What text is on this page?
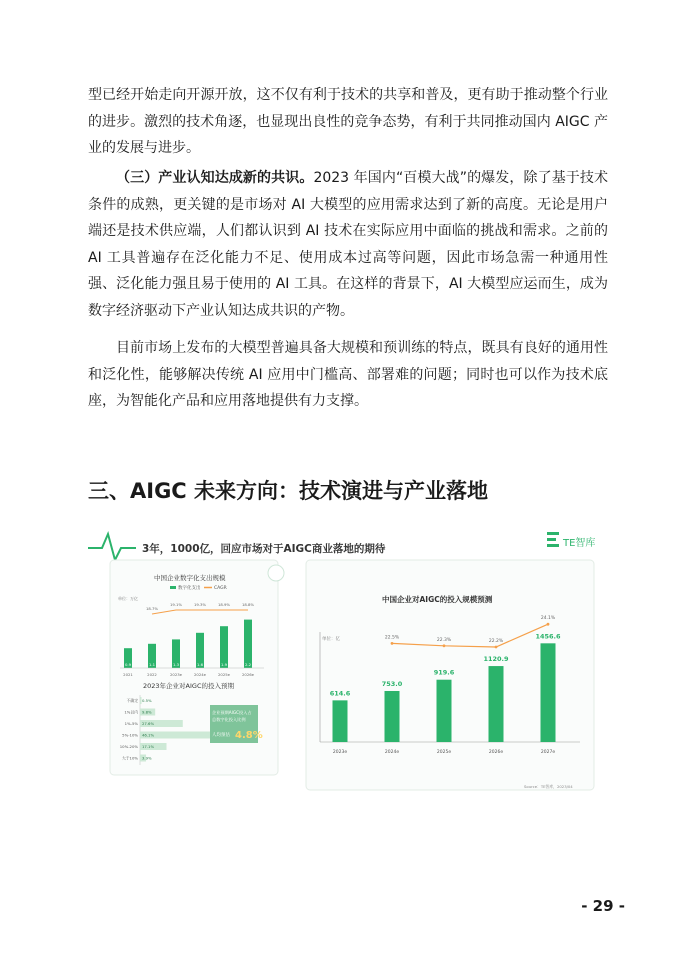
型已经开始走向开源开放，这不仅有利于技术的共享和普及，更有助于推动整个行业的进步。激烈的技术角逐，也显现出良性的竞争态势，有利于共同推动国内 AIGC 产业的发展与进步。

（三）产业认知达成新的共识。2023 年国内“百模大战”的爆发，除了基于技术条件的成熟，更关键的是市场对 AI 大模型的应用需求达到了新的高度。无论是用户端还是技术供应端，人们都认识到 AI 技术在实际应用中面临的挑战和需求。之前的 AI 工具普遍存在泛化能力不足、使用成本过高等问题，因此市场急需一种通用性强、泛化能力强且易于使用的 AI 工具。在这样的背景下，AI 大模型应运而生，成为数字经济驱动下产业认知达成共识的产物。

目前市场上发布的大模型普遍具备大规模和预训练的特点，既具有良好的通用性和泛化性，能够解决传统 AI 应用中门槛高、部署难的问题；同时也可以作为技术底座，为智能化产品和应用落地提供有力支撑。

三、AIGC 未来方向：技术演进与产业落地
3年，1000亿，回应市场对于AIGC商业落地的期待	TE智库
中国企业数字化支出规模
数字化支出	CAGR
单位：万亿
0.9
2021
1.1
2022
1.3
2023e
1.6
2024e
1.9
2025e
2.2
2026e
18.7%
19.1%	19.3%	18.9%	18.8%
2023年企业对AIGC的投入预期
不确定 0.5%
1%以内 9.8%
1%-5% 27.6%
5%-10% 46.1%
10%-20% 17.1%
大于10% 3.9%
企业预期AIGC投入占
总数字化投入比例
人均预估 4.8%
中国企业对AIGC的投入规模预测
单位：亿
614.6
2023e
753.0
2024e
919.6
2025e
1120.9
2026e
1456.6
2027e
22.5%	22.3%	22.2%
24.1%
Source：TE智库，2023/04
- 29 -
